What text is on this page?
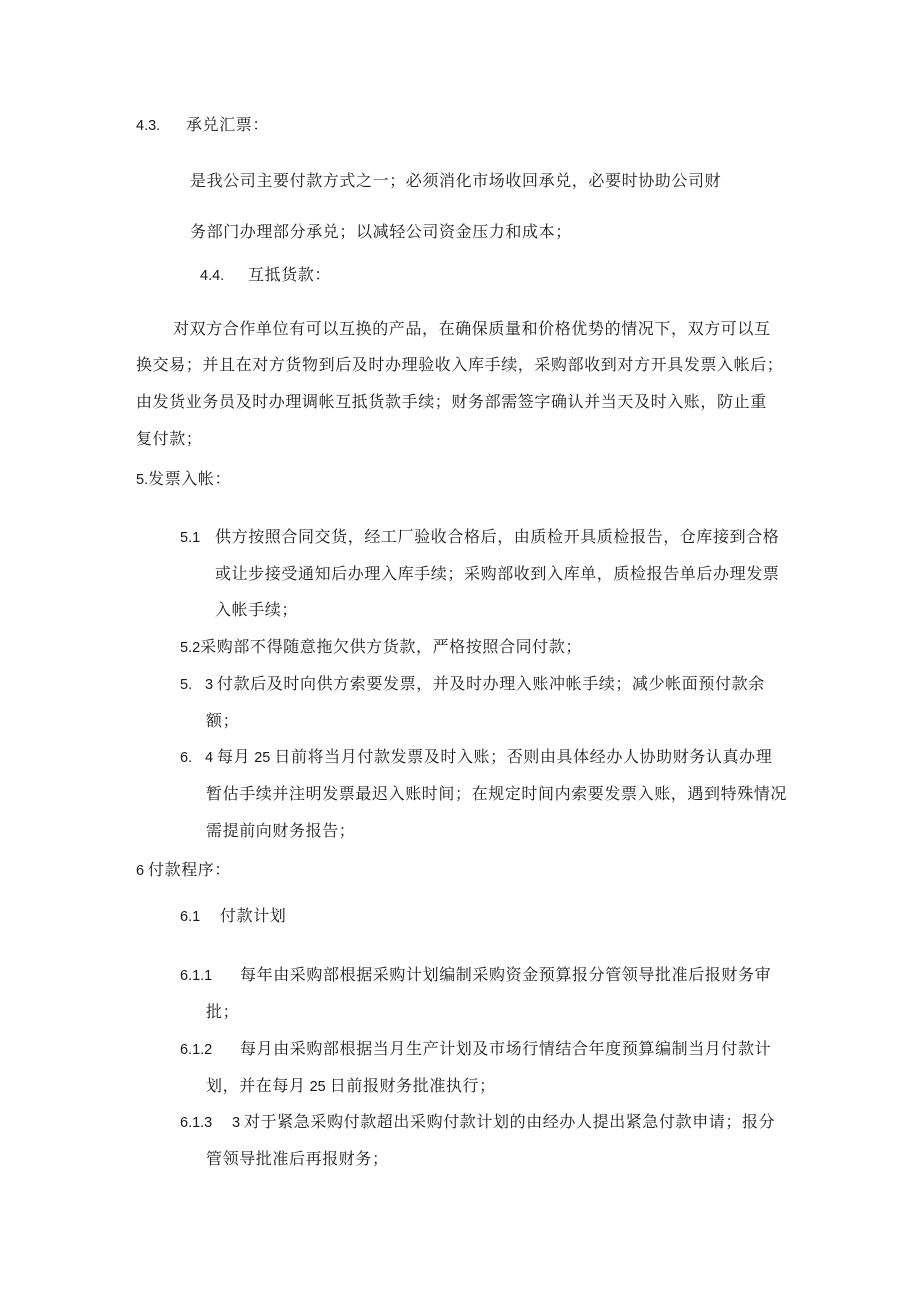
4.3. 承兑汇票：
是我公司主要付款方式之一；必须消化市场收回承兑，必要时协助公司财
务部门办理部分承兑；以减轻公司资金压力和成本；
4.4. 互抵货款：
对双方合作单位有可以互换的产品，在确保质量和价格优势的情况下，双方可以互
换交易；并且在对方货物到后及时办理验收入库手续，采购部收到对方开具发票入帐后；
由发货业务员及时办理调帐互抵货款手续；财务部需签字确认并当天及时入账，防止重
复付款；
5.发票入帐：
5.1 供方按照合同交货，经工厂验收合格后，由质检开具质检报告，仓库接到合格
或让步接受通知后办理入库手续；采购部收到入库单，质检报告单后办理发票
入帐手续；
5.2采购部不得随意拖欠供方货款，严格按照合同付款；
5. 3 付款后及时向供方索要发票，并及时办理入账冲帐手续；减少帐面预付款余
额；
6. 4 每月 25 日前将当月付款发票及时入账；否则由具体经办人协助财务认真办理
暂估手续并注明发票最迟入账时间；在规定时间内索要发票入账，遇到特殊情况
需提前向财务报告；
6 付款程序：
6.1 付款计划
6.1.1 每年由采购部根据采购计划编制采购资金预算报分管领导批准后报财务审
批；
6.1.2 每月由采购部根据当月生产计划及市场行情结合年度预算编制当月付款计
划，并在每月 25 日前报财务批准执行；
6.1.3 3 对于紧急采购付款超出采购付款计划的由经办人提出紧急付款申请；报分
管领导批准后再报财务；
